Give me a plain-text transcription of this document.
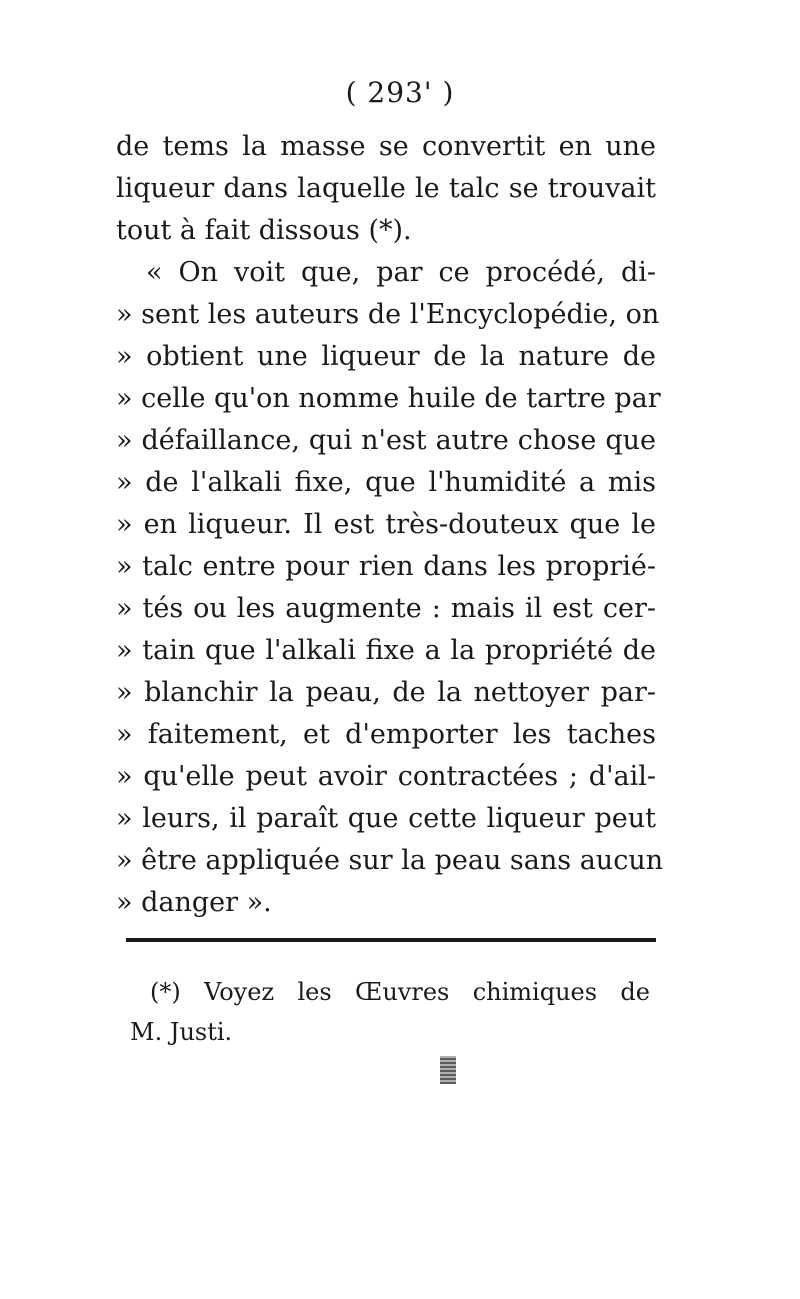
( 293' )
de tems la masse se convertit en une
liqueur dans laquelle le talc se trouvait
tout à fait dissous (*).
« On voit que, par ce procédé, di-
» sent les auteurs de l'Encyclopédie, on
» obtient une liqueur de la nature de
» celle qu'on nomme huile de tartre par
» défaillance, qui n'est autre chose que
» de l'alkali fixe, que l'humidité a mis
» en liqueur. Il est très-douteux que le
» talc entre pour rien dans les proprié-
» tés ou les augmente : mais il est cer-
» tain que l'alkali fixe a la propriété de
» blanchir la peau, de la nettoyer par-
» faitement, et d'emporter les taches
» qu'elle peut avoir contractées ; d'ail-
» leurs, il paraît que cette liqueur peut
» être appliquée sur la peau sans aucun
» danger ».
(*) Voyez les Œuvres chimiques de
M. Justi.
